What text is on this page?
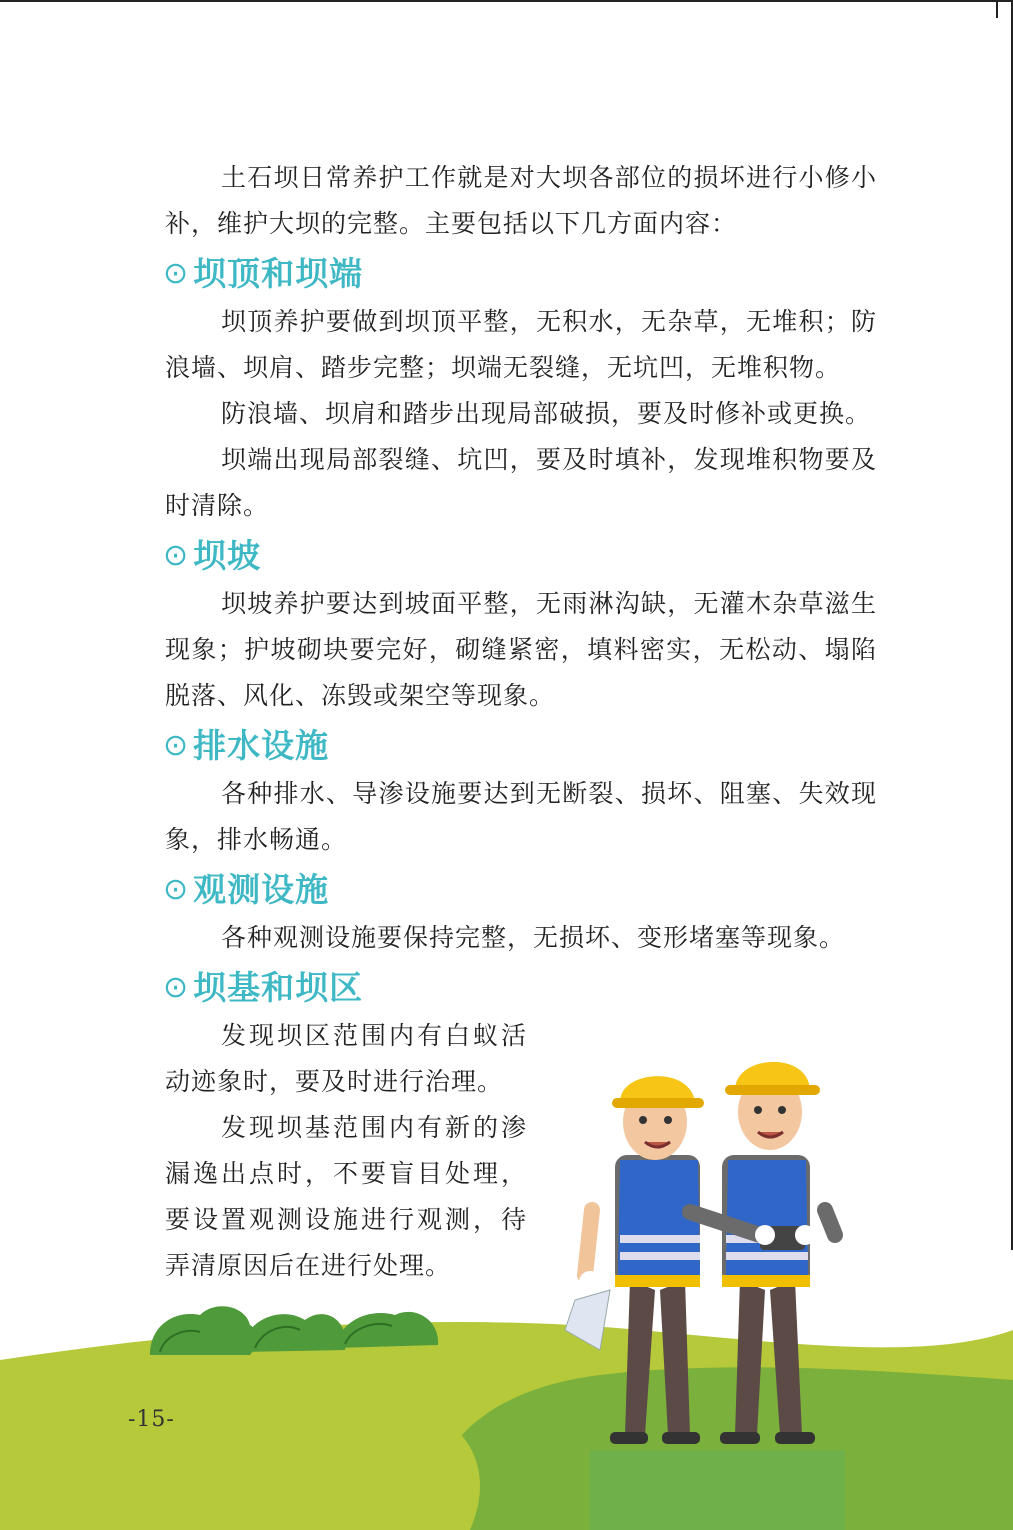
土石坝日常养护工作就是对大坝各部位的损坏进行小修小补，维护大坝的完整。主要包括以下几方面内容：

⊙ 坝顶和坝端

坝顶养护要做到坝顶平整，无积水，无杂草，无堆积；防浪墙、坝肩、踏步完整；坝端无裂缝，无坑凹，无堆积物。

防浪墙、坝肩和踏步出现局部破损，要及时修补或更换。

坝端出现局部裂缝、坑凹，要及时填补，发现堆积物要及时清除。

⊙ 坝坡

坝坡养护要达到坡面平整，无雨淋沟缺，无灌木杂草滋生现象；护坡砌块要完好，砌缝紧密，填料密实，无松动、塌陷脱落、风化、冻毁或架空等现象。

⊙ 排水设施

各种排水、导渗设施要达到无断裂、损坏、阻塞、失效现象，排水畅通。

⊙ 观测设施

各种观测设施要保持完整，无损坏、变形堵塞等现象。

⊙ 坝基和坝区

发现坝区范围内有白蚁活动迹象时，要及时进行治理。

发现坝基范围内有新的渗漏逸出点时，不要盲目处理，要设置观测设施进行观测，待弄清原因后在进行处理。

-15-
